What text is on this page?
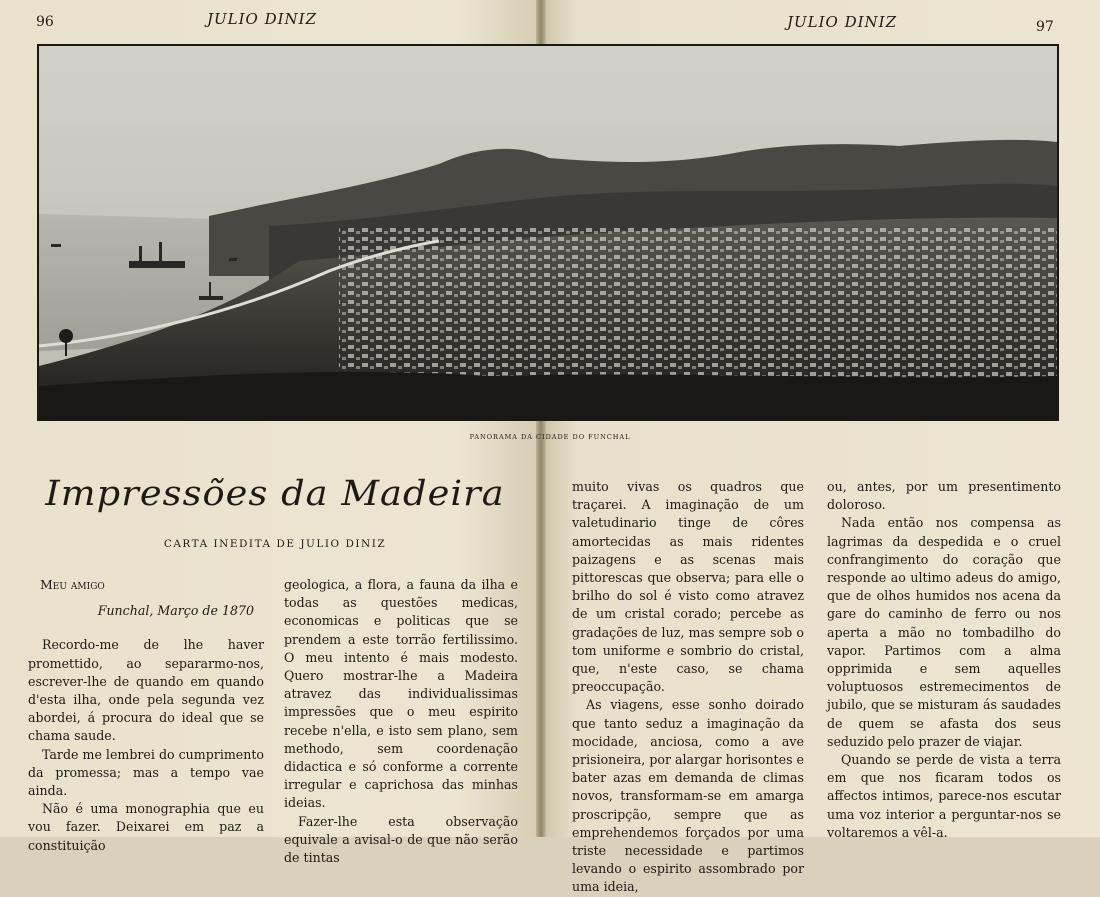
96	JULIO DINIZ	JULIO DINIZ	97
PANORAMA DA CIDADE DO FUNCHAL
Impressões da Madeira
CARTA INEDITA DE JULIO DINIZ

Meu amigo

Funchal, Março de 1870

Recordo-me de lhe haver promettido, ao separarmo-nos, escrever-lhe de quando em quando d'esta ilha, onde pela segunda vez abordei, á procura do ideal que se chama saude.

Tarde me lembrei do cumprimento da promessa; mas a tempo vae ainda.

Não é uma monographia que eu vou fazer. Deixarei em paz a constituição

geologica, a flora, a fauna da ilha e todas as questões medicas, economicas e politicas que se prendem a este torrão fertilissimo. O meu intento é mais modesto. Quero mostrar-lhe a Madeira atravez das individualissimas impressões que o meu espirito recebe n'ella, e isto sem plano, sem methodo, sem coordenação didactica e só conforme a corrente irregular e caprichosa das minhas ideias.

Fazer-lhe esta observação equivale a avisal-o de que não serão de tintas

muito vivas os quadros que traçarei. A imaginação de um valetudinario tinge de côres amortecidas as mais ridentes paizagens e as scenas mais pittorescas que observa; para elle o brilho do sol é visto como atravez de um cristal corado; percebe as gradações de luz, mas sempre sob o tom uniforme e sombrio do cristal, que, n'este caso, se chama preoccupação.

As viagens, esse sonho doirado que tanto seduz a imaginação da mocidade, anciosa, como a ave prisioneira, por alargar horisontes e bater azas em demanda de climas novos, transformam-se em amarga proscripção, sempre que as emprehendemos forçados por uma triste necessidade e partimos levando o espirito assombrado por uma ideia,

ou, antes, por um presentimento doloroso.

Nada então nos compensa as lagrimas da despedida e o cruel confrangimento do coração que responde ao ultimo adeus do amigo, que de olhos humidos nos acena da gare do caminho de ferro ou nos aperta a mão no tombadilho do vapor. Partimos com a alma opprimida e sem aquelles voluptuosos estremecimentos de jubilo, que se misturam ás saudades de quem se afasta dos seus seduzido pelo prazer de viajar.

Quando se perde de vista a terra em que nos ficaram todos os affectos intimos, parece-nos escutar uma voz interior a perguntar-nos se voltaremos a vêl-a.
